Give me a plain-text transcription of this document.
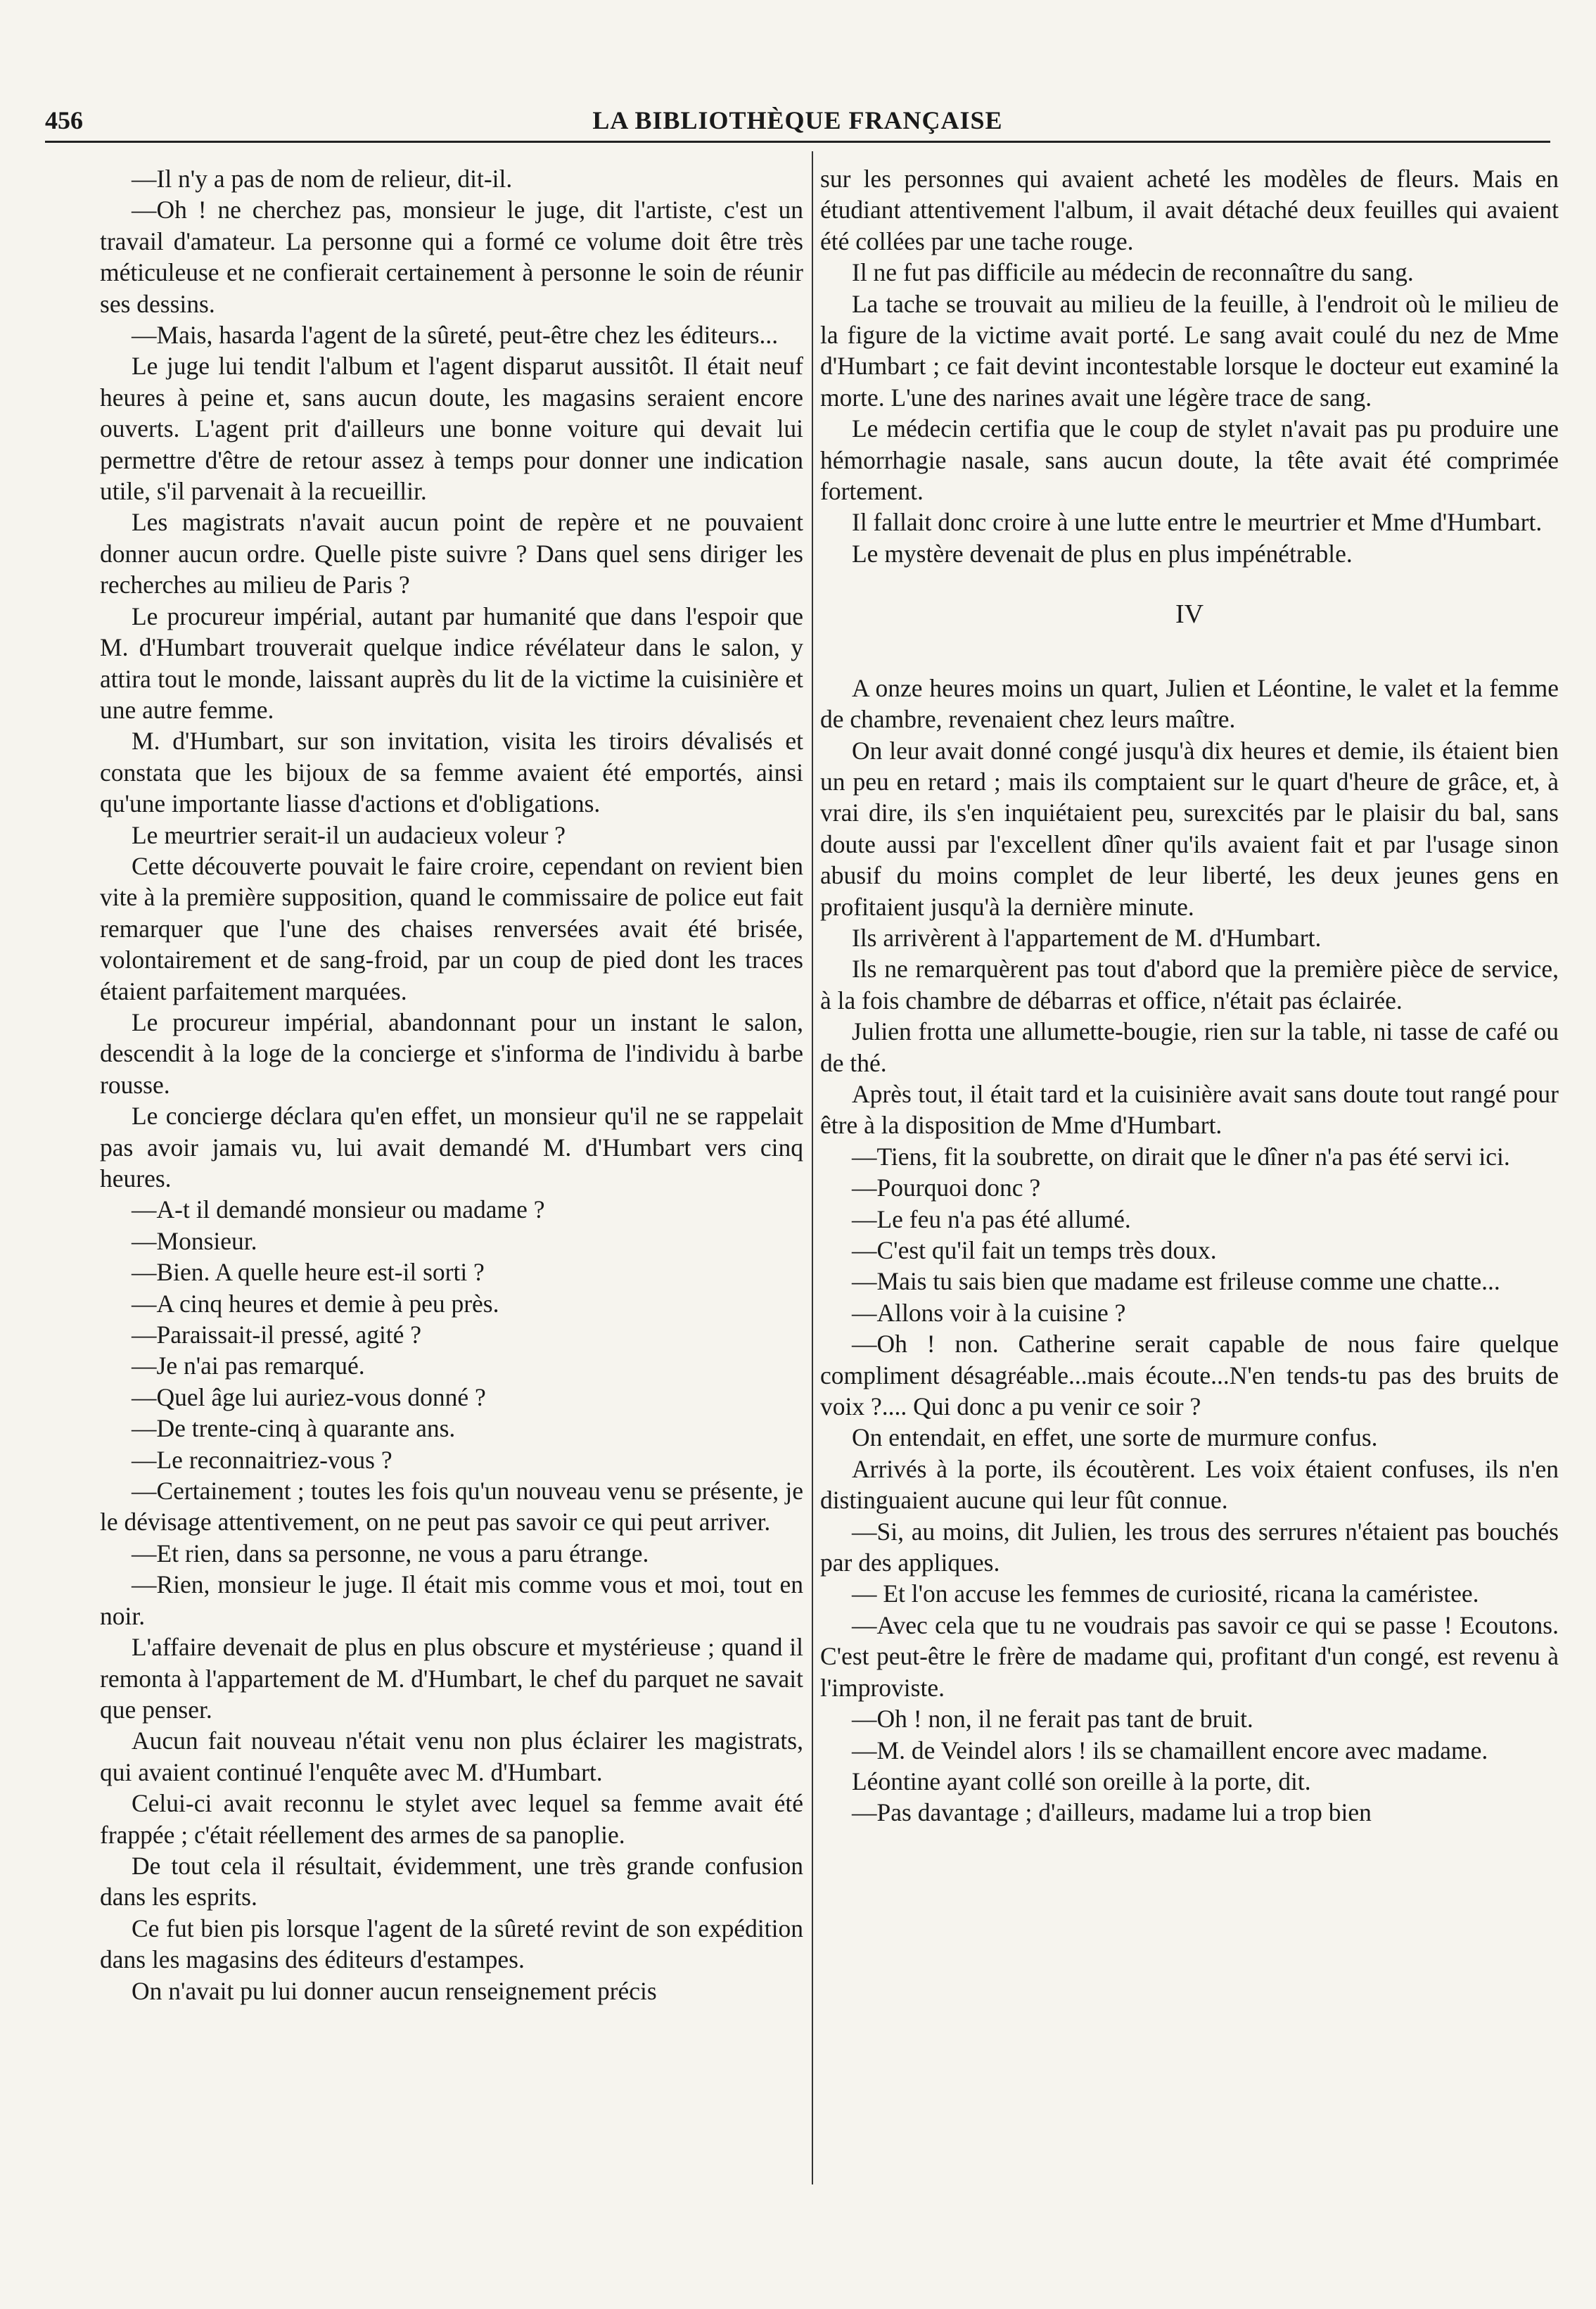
456	LA BIBLIOTHÈQUE FRANÇAISE

—Il n'y a pas de nom de relieur, dit-il.

—Oh ! ne cherchez pas, monsieur le juge, dit l'artiste, c'est un travail d'amateur. La personne qui a formé ce volume doit être très méticuleuse et ne confierait certainement à personne le soin de réunir ses dessins.

—Mais, hasarda l'agent de la sûreté, peut-être chez les éditeurs...

Le juge lui tendit l'album et l'agent disparut aussitôt. Il était neuf heures à peine et, sans aucun doute, les magasins seraient encore ouverts. L'agent prit d'ailleurs une bonne voiture qui devait lui permettre d'être de retour assez à temps pour donner une indication utile, s'il parvenait à la recueillir.

Les magistrats n'avait aucun point de repère et ne pouvaient donner aucun ordre. Quelle piste suivre ? Dans quel sens diriger les recherches au milieu de Paris ?

Le procureur impérial, autant par humanité que dans l'espoir que M. d'Humbart trouverait quelque indice révélateur dans le salon, y attira tout le monde, laissant auprès du lit de la victime la cuisinière et une autre femme.

M. d'Humbart, sur son invitation, visita les tiroirs dévalisés et constata que les bijoux de sa femme avaient été emportés, ainsi qu'une importante liasse d'actions et d'obligations.

Le meurtrier serait-il un audacieux voleur ?

Cette découverte pouvait le faire croire, cependant on revient bien vite à la première supposition, quand le commissaire de police eut fait remarquer que l'une des chaises renversées avait été brisée, volontairement et de sang-froid, par un coup de pied dont les traces étaient parfaitement marquées.

Le procureur impérial, abandonnant pour un instant le salon, descendit à la loge de la concierge et s'informa de l'individu à barbe rousse.

Le concierge déclara qu'en effet, un monsieur qu'il ne se rappelait pas avoir jamais vu, lui avait demandé M. d'Humbart vers cinq heures.

—A-t il demandé monsieur ou madame ?

—Monsieur.

—Bien. A quelle heure est-il sorti ?

—A cinq heures et demie à peu près.

—Paraissait-il pressé, agité ?

—Je n'ai pas remarqué.

—Quel âge lui auriez-vous donné ?

—De trente-cinq à quarante ans.

—Le reconnaitriez-vous ?

—Certainement ; toutes les fois qu'un nouveau venu se présente, je le dévisage attentivement, on ne peut pas savoir ce qui peut arriver.

—Et rien, dans sa personne, ne vous a paru étrange.

—Rien, monsieur le juge. Il était mis comme vous et moi, tout en noir.

L'affaire devenait de plus en plus obscure et mystérieuse ; quand il remonta à l'appartement de M. d'Humbart, le chef du parquet ne savait que penser.

Aucun fait nouveau n'était venu non plus éclairer les magistrats, qui avaient continué l'enquête avec M. d'Humbart.

Celui-ci avait reconnu le stylet avec lequel sa femme avait été frappée ; c'était réellement des armes de sa panoplie.

De tout cela il résultait, évidemment, une très grande confusion dans les esprits.

Ce fut bien pis lorsque l'agent de la sûreté revint de son expédition dans les magasins des éditeurs d'estampes.

On n'avait pu lui donner aucun renseignement précis

sur les personnes qui avaient acheté les modèles de fleurs. Mais en étudiant attentivement l'album, il avait détaché deux feuilles qui avaient été collées par une tache rouge.

Il ne fut pas difficile au médecin de reconnaître du sang.

La tache se trouvait au milieu de la feuille, à l'endroit où le milieu de la figure de la victime avait porté. Le sang avait coulé du nez de Mme d'Humbart ; ce fait devint incontestable lorsque le docteur eut examiné la morte. L'une des narines avait une légère trace de sang.

Le médecin certifia que le coup de stylet n'avait pas pu produire une hémorrhagie nasale, sans aucun doute, la tête avait été comprimée fortement.

Il fallait donc croire à une lutte entre le meurtrier et Mme d'Humbart.

Le mystère devenait de plus en plus impénétrable.

IV

A onze heures moins un quart, Julien et Léontine, le valet et la femme de chambre, revenaient chez leurs maître.

On leur avait donné congé jusqu'à dix heures et demie, ils étaient bien un peu en retard ; mais ils comptaient sur le quart d'heure de grâce, et, à vrai dire, ils s'en inquiétaient peu, surexcités par le plaisir du bal, sans doute aussi par l'excellent dîner qu'ils avaient fait et par l'usage sinon abusif du moins complet de leur liberté, les deux jeunes gens en profitaient jusqu'à la dernière minute.

Ils arrivèrent à l'appartement de M. d'Humbart.

Ils ne remarquèrent pas tout d'abord que la première pièce de service, à la fois chambre de débarras et office, n'était pas éclairée.

Julien frotta une allumette-bougie, rien sur la table, ni tasse de café ou de thé.

Après tout, il était tard et la cuisinière avait sans doute tout rangé pour être à la disposition de Mme d'Humbart.

—Tiens, fit la soubrette, on dirait que le dîner n'a pas été servi ici.

—Pourquoi donc ?

—Le feu n'a pas été allumé.

—C'est qu'il fait un temps très doux.

—Mais tu sais bien que madame est frileuse comme une chatte...

—Allons voir à la cuisine ?

—Oh ! non. Catherine serait capable de nous faire quelque compliment désagréable...mais écoute...N'en tends-tu pas des bruits de voix ?.... Qui donc a pu venir ce soir ?

On entendait, en effet, une sorte de murmure confus.

Arrivés à la porte, ils écoutèrent. Les voix étaient confuses, ils n'en distinguaient aucune qui leur fût connue.

—Si, au moins, dit Julien, les trous des serrures n'étaient pas bouchés par des appliques.

— Et l'on accuse les femmes de curiosité, ricana la caméristee.

—Avec cela que tu ne voudrais pas savoir ce qui se passe ! Ecoutons. C'est peut-être le frère de madame qui, profitant d'un congé, est revenu à l'improviste.

—Oh ! non, il ne ferait pas tant de bruit.

—M. de Veindel alors ! ils se chamaillent encore avec madame.

Léontine ayant collé son oreille à la porte, dit.

—Pas davantage ; d'ailleurs, madame lui a trop bien
